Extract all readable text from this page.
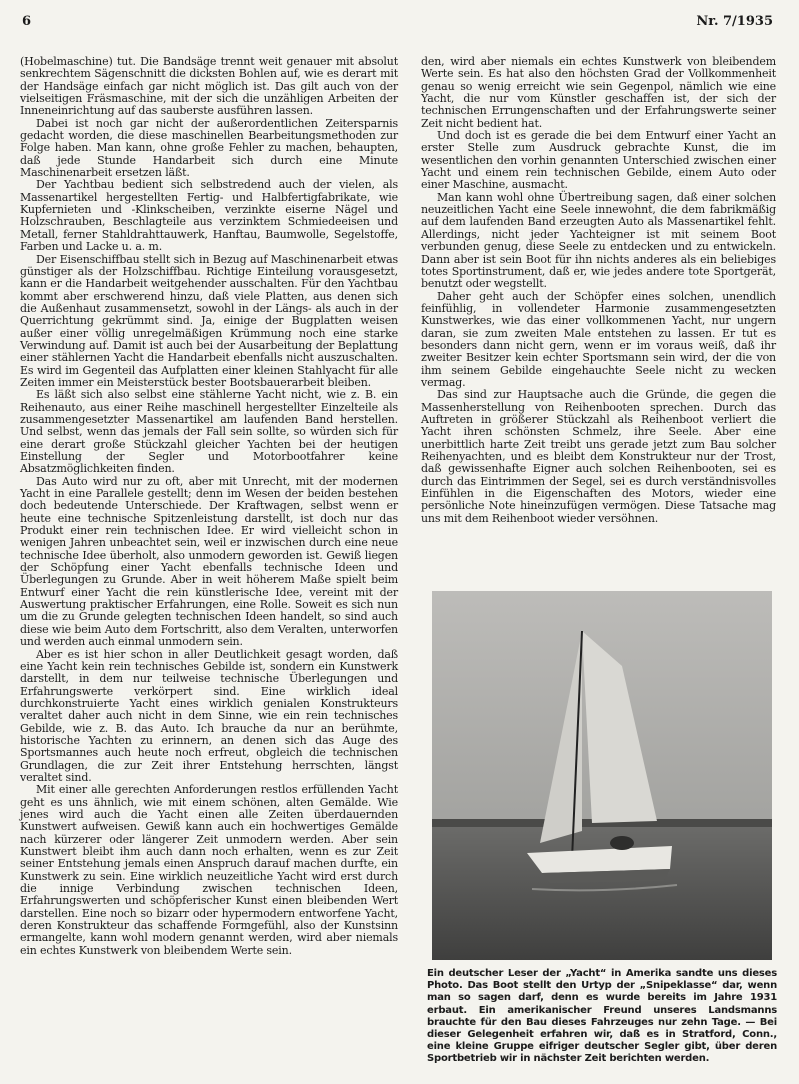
6	Nr. 7/1935

(Hobelmaschine) tut. Die Bandsäge trennt weit genauer mit absolut senkrechtem Sägenschnitt die dicksten Bohlen auf, wie es derart mit der Handsäge einfach gar nicht möglich ist. Das gilt auch von der vielseitigen Fräsmaschine, mit der sich die unzähligen Arbeiten der Inneneinrichtung auf das sauberste ausführen lassen.

Dabei ist noch gar nicht der außerordentlichen Zeitersparnis gedacht worden, die diese maschinellen Bearbeitungsmethoden zur Folge haben. Man kann, ohne große Fehler zu machen, behaupten, daß jede Stunde Handarbeit sich durch eine Minute Maschinenarbeit ersetzen läßt.

Der Yachtbau bedient sich selbstredend auch der vielen, als Massenartikel hergestellten Fertig- und Halbfertigfabrikate, wie Kupfernieten und -Klinkscheiben, verzinkte eiserne Nägel und Holzschrauben, Beschlagteile aus verzinktem Schmiedeeisen und Metall, ferner Stahldrahttauwerk, Hanftau, Baumwolle, Segelstoffe, Farben und Lacke u. a. m.

Der Eisenschiffbau stellt sich in Bezug auf Maschinenarbeit etwas günstiger als der Holzschiffbau. Richtige Einteilung vorausgesetzt, kann er die Handarbeit weitgehender ausschalten. Für den Yachtbau kommt aber erschwerend hinzu, daß viele Platten, aus denen sich die Außenhaut zusammensetzt, sowohl in der Längs- als auch in der Querrichtung gekrümmt sind. Ja, einige der Bugplatten weisen außer einer völlig unregelmäßigen Krümmung noch eine starke Verwindung auf. Damit ist auch bei der Ausarbeitung der Beplattung einer stählernen Yacht die Handarbeit ebenfalls nicht auszuschalten. Es wird im Gegenteil das Aufplatten einer kleinen Stahlyacht für alle Zeiten immer ein Meisterstück bester Bootsbauerarbeit bleiben.

Es läßt sich also selbst eine stählerne Yacht nicht, wie z. B. ein Reihenauto, aus einer Reihe maschinell hergestellter Einzelteile als zusammengesetzter Massenartikel am laufenden Band herstellen. Und selbst, wenn das jemals der Fall sein sollte, so würden sich für eine derart große Stückzahl gleicher Yachten bei der heutigen Einstellung der Segler und Motorbootfahrer keine Absatzmöglichkeiten finden.

Das Auto wird nur zu oft, aber mit Unrecht, mit der modernen Yacht in eine Parallele gestellt; denn im Wesen der beiden bestehen doch bedeutende Unterschiede. Der Kraftwagen, selbst wenn er heute eine technische Spitzenleistung darstellt, ist doch nur das Produkt einer rein technischen Idee. Er wird vielleicht schon in wenigen Jahren unbeachtet sein, weil er inzwischen durch eine neue technische Idee überholt, also unmodern geworden ist. Gewiß liegen der Schöpfung einer Yacht ebenfalls technische Ideen und Überlegungen zu Grunde. Aber in weit höherem Maße spielt beim Entwurf einer Yacht die rein künstlerische Idee, vereint mit der Auswertung praktischer Erfahrungen, eine Rolle. Soweit es sich nun um die zu Grunde gelegten technischen Ideen handelt, so sind auch diese wie beim Auto dem Fortschritt, also dem Veralten, unterworfen und werden auch einmal unmodern sein.

Aber es ist hier schon in aller Deutlichkeit gesagt worden, daß eine Yacht kein rein technisches Gebilde ist, sondern ein Kunstwerk darstellt, in dem nur teilweise technische Überlegungen und Erfahrungswerte verkörpert sind. Eine wirklich ideal durchkonstruierte Yacht eines wirklich genialen Konstrukteurs veraltet daher auch nicht in dem Sinne, wie ein rein technisches Gebilde, wie z. B. das Auto. Ich brauche da nur an berühmte, historische Yachten zu erinnern, an denen sich das Auge des Sportsmannes auch heute noch erfreut, obgleich die technischen Grundlagen, die zur Zeit ihrer Entstehung herrschten, längst veraltet sind.

Mit einer alle gerechten Anforderungen restlos erfüllenden Yacht geht es uns ähnlich, wie mit einem schönen, alten Gemälde. Wie jenes wird auch die Yacht einen alle Zeiten überdauernden Kunstwert aufweisen. Gewiß kann auch ein hochwertiges Gemälde nach kürzerer oder längerer Zeit unmodern werden. Aber sein Kunstwert bleibt ihm auch dann noch erhalten, wenn es zur Zeit seiner Entstehung jemals einen Anspruch darauf machen durfte, ein Kunstwerk zu sein. Eine wirklich neuzeitliche Yacht wird erst durch die innige Verbindung zwischen technischen Ideen, Erfahrungswerten und schöpferischer Kunst einen bleibenden Wert darstellen. Eine noch so bizarr oder hypermodern entworfene Yacht, deren Konstrukteur das schaffende Formgefühl, also der Kunstsinn ermangelte, kann wohl modern genannt werden, wird aber niemals ein echtes Kunstwerk von bleibendem Werte sein.

den, wird aber niemals ein echtes Kunstwerk von bleibendem Werte sein. Es hat also den höchsten Grad der Vollkommenheit genau so wenig erreicht wie sein Gegenpol, nämlich wie eine Yacht, die nur vom Künstler geschaffen ist, der sich der technischen Errungenschaften und der Erfahrungswerte seiner Zeit nicht bedient hat.

Und doch ist es gerade die bei dem Entwurf einer Yacht an erster Stelle zum Ausdruck gebrachte Kunst, die im wesentlichen den vorhin genannten Unterschied zwischen einer Yacht und einem rein technischen Gebilde, einem Auto oder einer Maschine, ausmacht.

Man kann wohl ohne Übertreibung sagen, daß einer solchen neuzeitlichen Yacht eine Seele innewohnt, die dem fabrikmäßig auf dem laufenden Band erzeugten Auto als Massenartikel fehlt. Allerdings, nicht jeder Yachteigner ist mit seinem Boot verbunden genug, diese Seele zu entdecken und zu entwickeln. Dann aber ist sein Boot für ihn nichts anderes als ein beliebiges totes Sportinstrument, daß er, wie jedes andere tote Sportgerät, benutzt oder wegstellt.

Daher geht auch der Schöpfer eines solchen, unendlich feinfühlig, in vollendeter Harmonie zusammengesetzten Kunstwerkes, wie das einer vollkommenen Yacht, nur ungern daran, sie zum zweiten Male entstehen zu lassen. Er tut es besonders dann nicht gern, wenn er im voraus weiß, daß ihr zweiter Besitzer kein echter Sportsmann sein wird, der die von ihm seinem Gebilde eingehauchte Seele nicht zu wecken vermag.

Das sind zur Hauptsache auch die Gründe, die gegen die Massenherstellung von Reihenbooten sprechen. Durch das Auftreten in größerer Stückzahl als Reihenboot verliert die Yacht ihren schönsten Schmelz, ihre Seele. Aber eine unerbittlich harte Zeit treibt uns gerade jetzt zum Bau solcher Reihenyachten, und es bleibt dem Konstrukteur nur der Trost, daß gewissenhafte Eigner auch solchen Reihenbooten, sei es durch das Eintrimmen der Segel, sei es durch verständnisvolles Einfühlen in die Eigenschaften des Motors, wieder eine persönliche Note hineinzufügen vermögen. Diese Tatsache mag uns mit dem Reihenboot wieder versöhnen.

Ein deutscher Leser der „Yacht“ in Amerika sandte uns dieses Photo. Das Boot stellt den Urtyp der „Snipeklasse“ dar, wenn man so sagen darf, denn es wurde bereits im Jahre 1931 erbaut. Ein amerikanischer Freund unseres Landsmanns brauchte für den Bau dieses Fahrzeuges nur zehn Tage. — Bei dieser Gelegenheit erfahren wir, daß es in Stratford, Conn., eine kleine Gruppe eifriger deutscher Segler gibt, über deren Sportbetrieb wir in nächster Zeit berichten werden.
